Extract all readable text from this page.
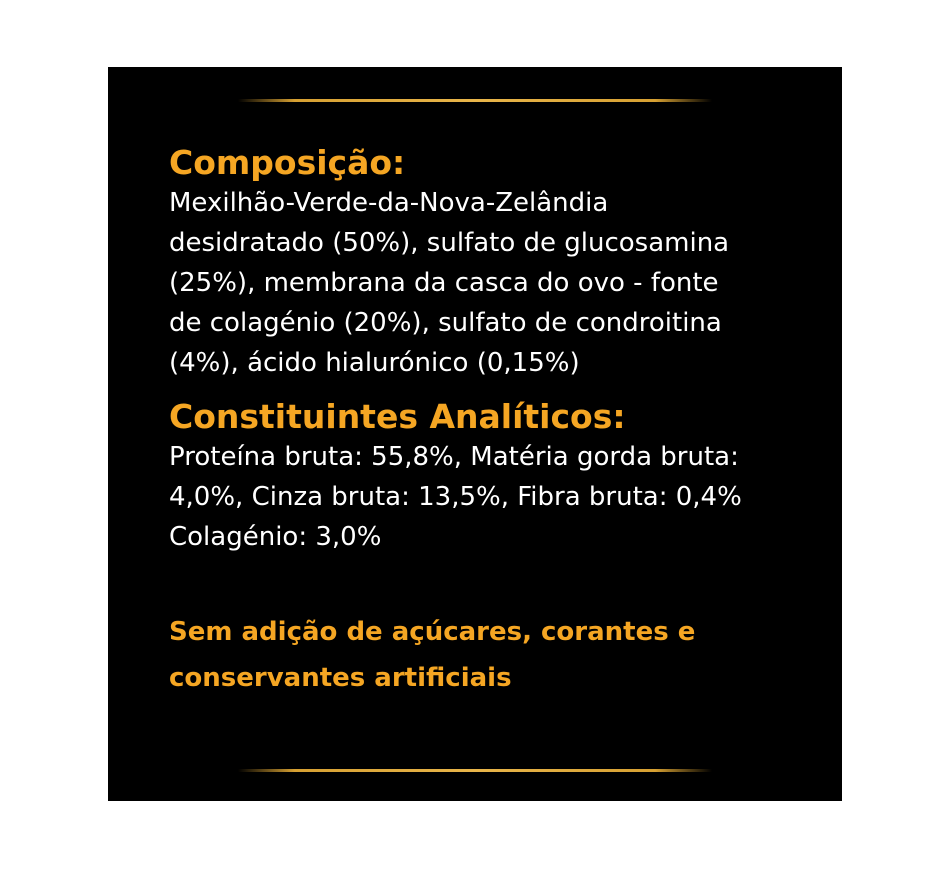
Composição:

Mexilhão-Verde-da-Nova-Zelândia
desidratado (50%), sulfato de glucosamina
(25%), membrana da casca do ovo - fonte
de colagénio (20%), sulfato de condroitina
(4%), ácido hialurónico (0,15%)

Constituintes Analíticos:

Proteína bruta: 55,8%, Matéria gorda bruta:
4,0%, Cinza bruta: 13,5%, Fibra bruta: 0,4%
Colagénio: 3,0%

Sem adição de açúcares, corantes e
conservantes artificiais
